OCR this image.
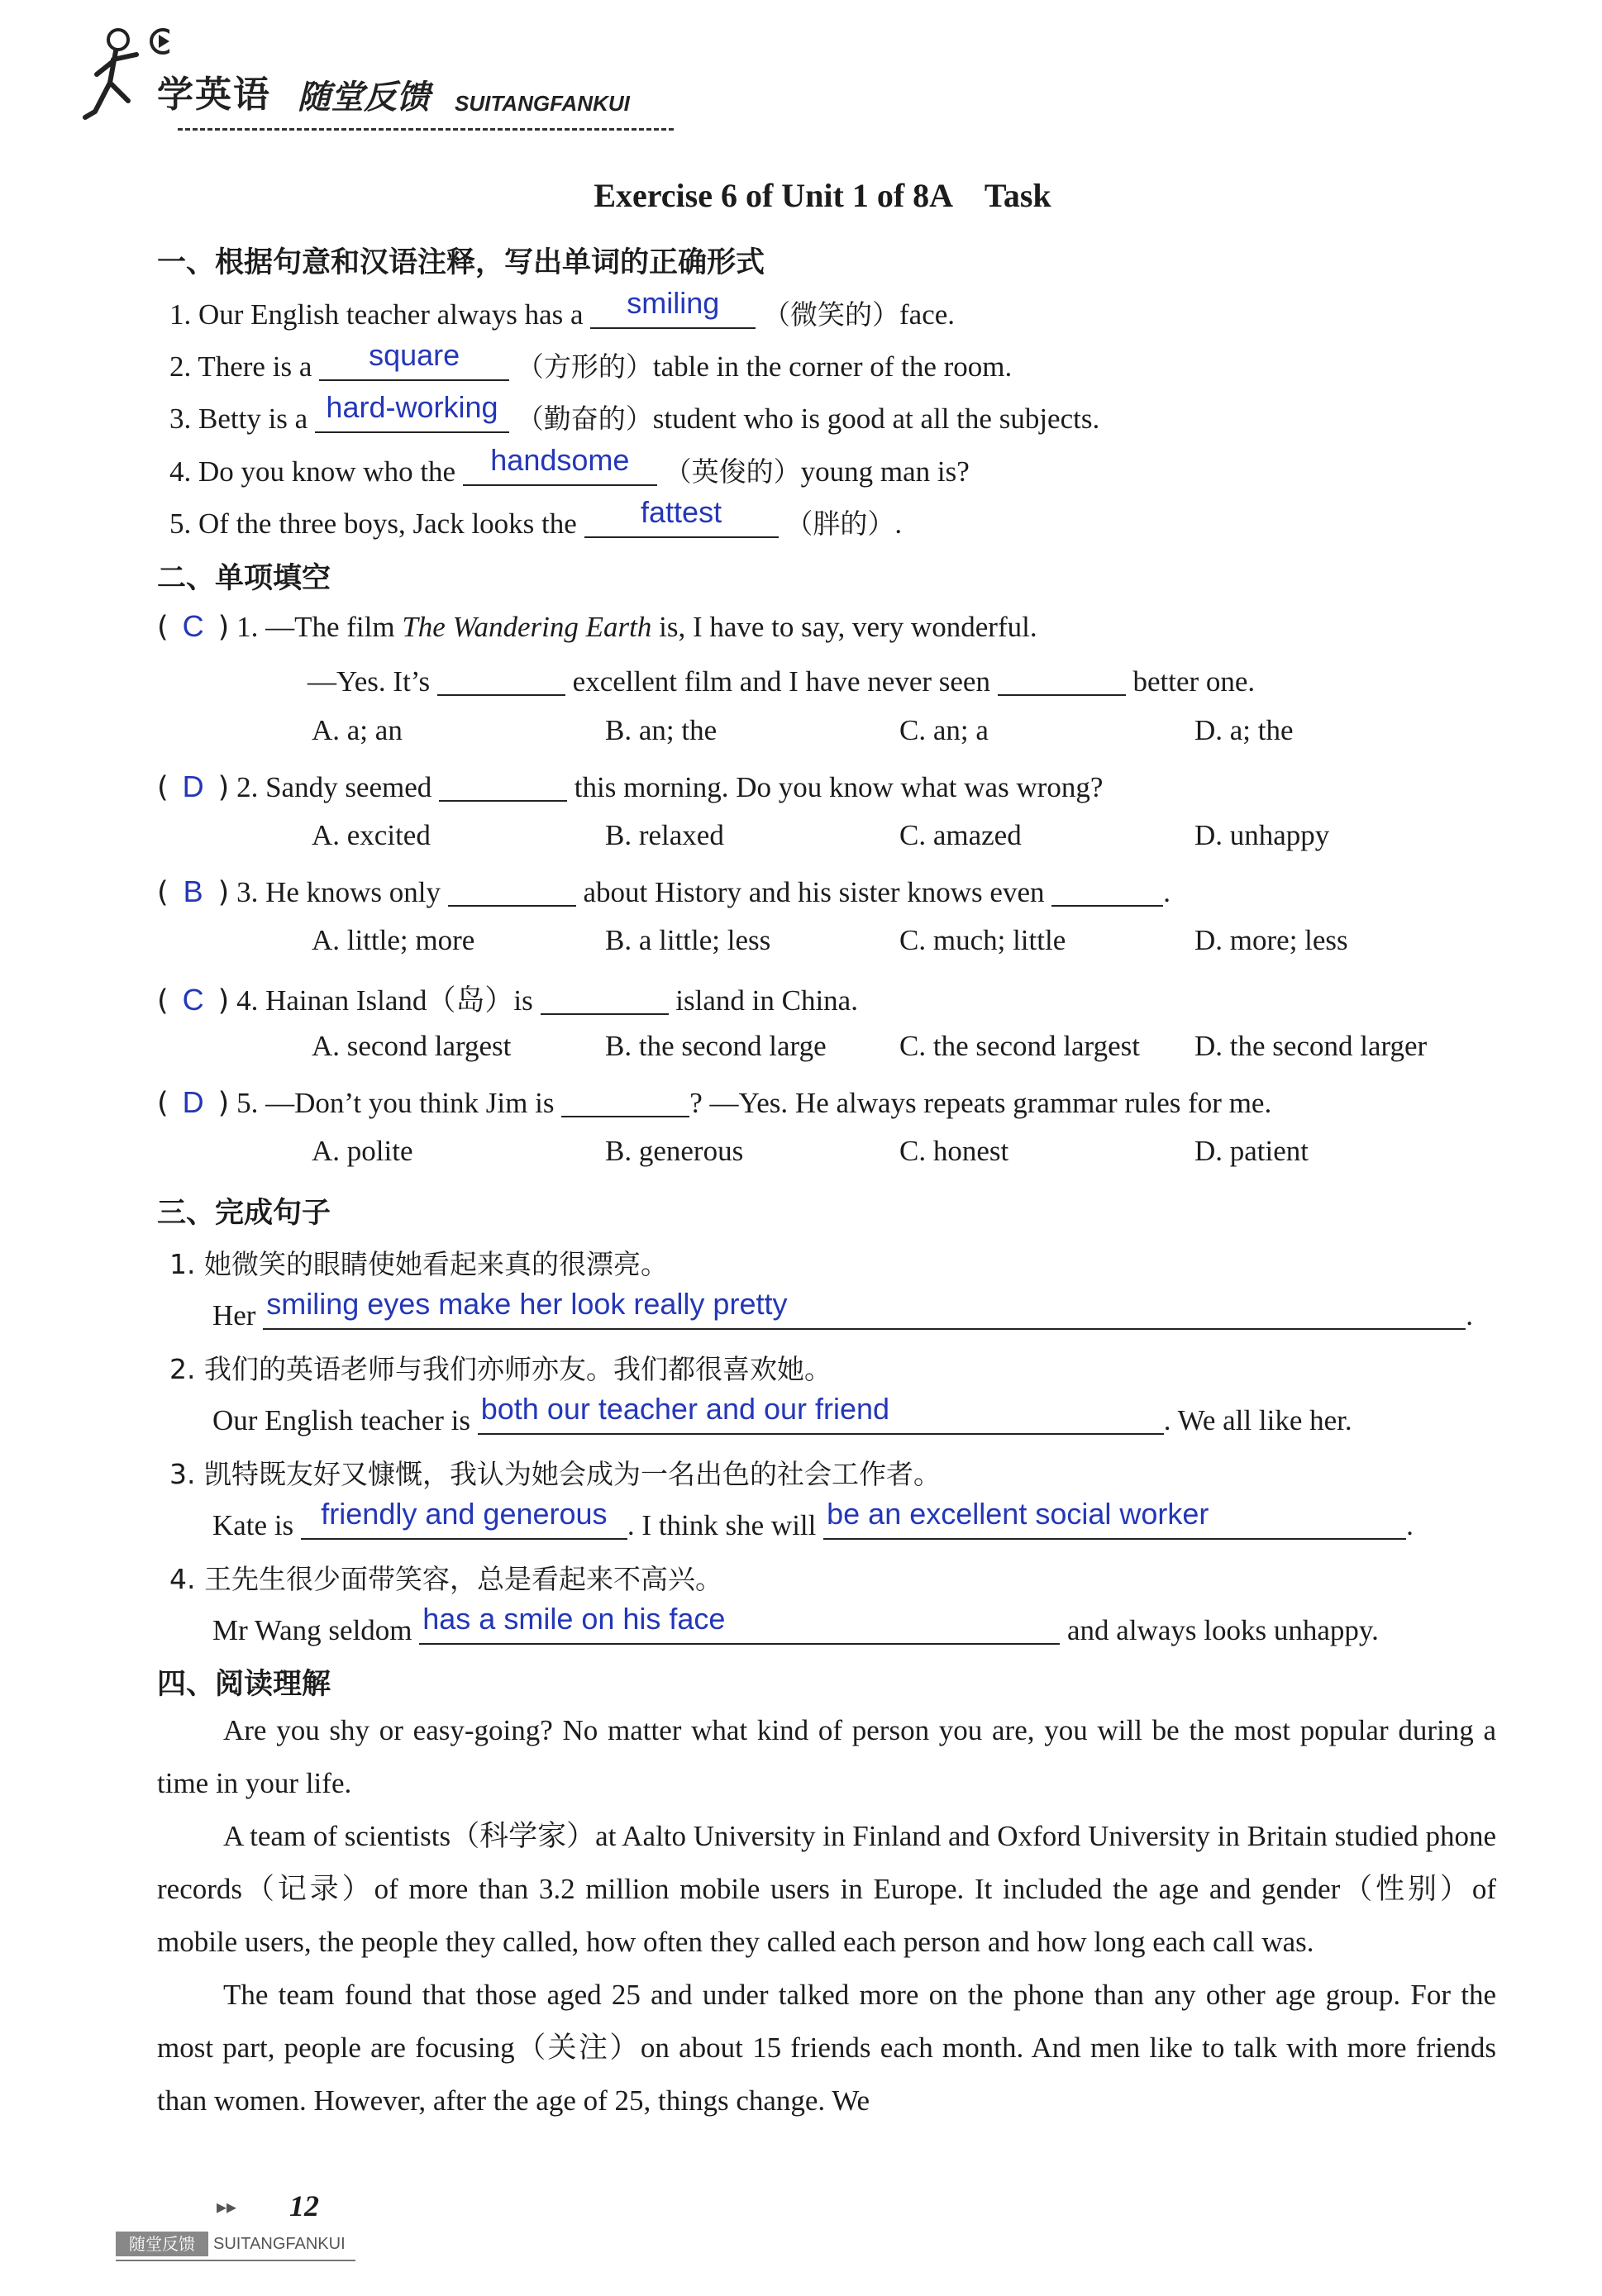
学英语 随堂反馈 SUITANGFANKUI
Exercise 6 of Unit 1 of 8A　Task
一、根据句意和汉语注释，写出单词的正确形式
1. Our English teacher always has a	smiling	（微笑的）face.
2. There is a	square	（方形的）table in the corner of the room.
3. Betty is a hard-working （勤奋的）student who is good at all the subjects.
4. Do you know who the	handsome	（英俊的）young man is?
5. Of the three boys, Jack looks the	fattest	（胖的）.
二、单项填空
( C ) 1. —The film The Wandering Earth is, I have to say, very wonderful.
—Yes. It’s	excellent film and I have never seen	better one.
A. a; an	B. an; the	C. an; a	D. a; the
( D ) 2. Sandy seemed	this morning. Do you know what was wrong?
A. excited	B. relaxed	C. amazed	D. unhappy
( B ) 3. He knows only	about History and his sister knows even	.
A. little; more	B. a little; less	C. much; little	D. more; less
( C ) 4. Hainan Island（岛）is	island in China.
A. second largest	B. the second large	C. the second largest D. the second larger
( D ) 5. —Don’t you think Jim is	? —Yes. He always repeats grammar rules for me.
A. polite	B. generous	C. honest	D. patient
三、完成句子
1. 她微笑的眼睛使她看起来真的很漂亮。
Her smiling eyes make her look really pretty	.
2. 我们的英语老师与我们亦师亦友。我们都很喜欢她。
Our English teacher is both our teacher and our friend	. We all like her.
3. 凯特既友好又慷慨，我认为她会成为一名出色的社会工作者。
Kate is friendly and generous . I think she will be an excellent social worker	.
4. 王先生很少面带笑容，总是看起来不高兴。
Mr Wang seldom has a smile on his face	and always looks unhappy.
四、阅读理解

Are you shy or easy-going? No matter what kind of person you are, you will be the most popular during a time in your life.

A team of scientists（科学家）at Aalto University in Finland and Oxford University in Britain studied phone records（记录）of more than 3.2 million mobile users in Europe. It included the age and gender（性别）of mobile users, the people they called, how often they called each person and how long each call was.

The team found that those aged 25 and under talked more on the phone than any other age group. For the most part, people are focusing（关注）on about 15 friends each month. And men like to talk with more friends than women. However, after the age of 25, things change. We

▸▸ 12
随堂反馈	SUITANGFANKUI
